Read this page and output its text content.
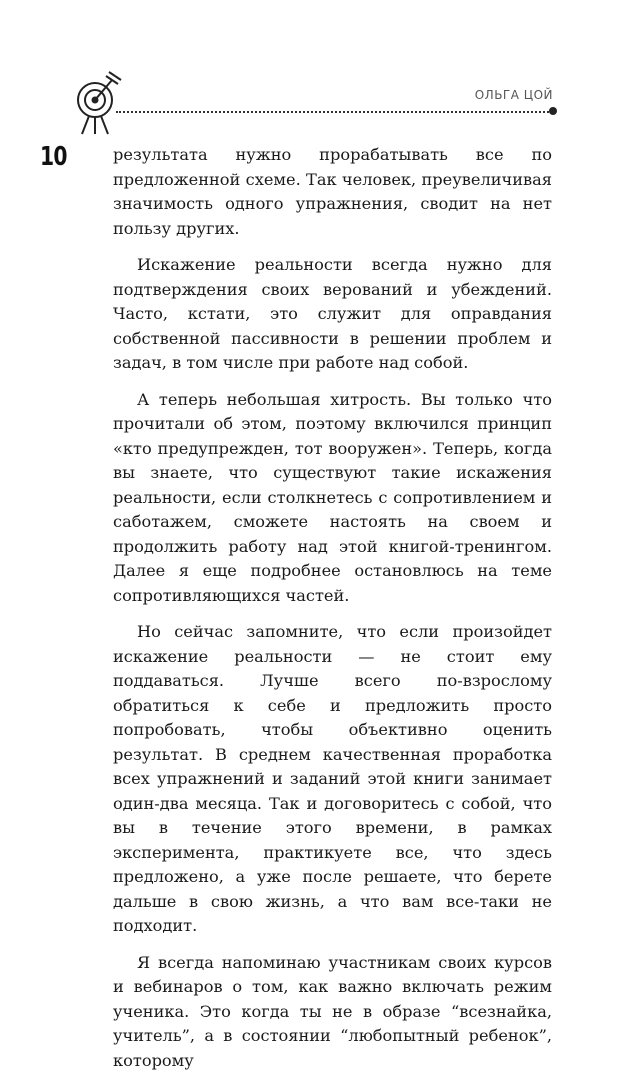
ОЛЬГА ЦОЙ
10	результата нужно прорабатывать все по предложенной схеме. Так человек, преувеличивая значимость одного упражнения, сводит на нет пользу других.

Искажение реальности всегда нужно для подтверждения своих верований и убеждений. Часто, кстати, это служит для оправдания собственной пассивности в решении проблем и задач, в том числе при работе над собой.

А теперь небольшая хитрость. Вы только что прочитали об этом, поэтому включился принцип «кто предупрежден, тот вооружен». Теперь, когда вы знаете, что существуют такие искажения реальности, если столкнетесь с сопротивлением и саботажем, сможете настоять на своем и продолжить работу над этой книгой-тренингом. Далее я еще подробнее остановлюсь на теме сопротивляющихся частей.

Но сейчас запомните, что если произойдет искажение реальности — не стоит ему поддаваться. Лучше всего по-взрослому обратиться к себе и предложить просто попробовать, чтобы объективно оценить результат. В среднем качественная проработка всех упражнений и заданий этой книги занимает один-два месяца. Так и договоритесь с собой, что вы в течение этого времени, в рамках эксперимента, практикуете все, что здесь предложено, а уже после решаете, что берете дальше в свою жизнь, а что вам все-таки не подходит.

Я всегда напоминаю участникам своих курсов и вебинаров о том, как важно включать режим ученика. Это когда ты не в образе “всезнайка, учитель”, а в состоянии “любопытный ребенок”, которому
